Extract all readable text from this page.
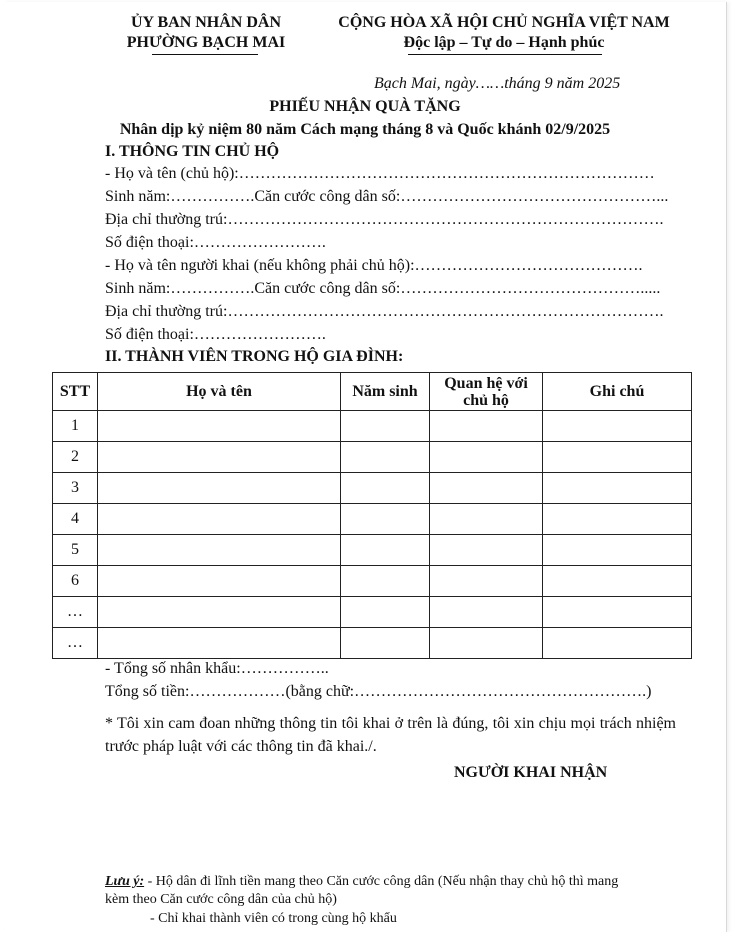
ỦY BAN NHÂN DÂN
PHƯỜNG BẠCH MAI
CỘNG HÒA XÃ HỘI CHỦ NGHĨA VIỆT NAM
Độc lập – Tự do – Hạnh phúc
Bạch Mai, ngày……tháng 9 năm 2025
PHIẾU NHẬN QUÀ TẶNG
Nhân dịp kỷ niệm 80 năm Cách mạng tháng 8 và Quốc khánh 02/9/2025
I. THÔNG TIN CHỦ HỘ
- Họ và tên (chủ hộ):……………………………………………………………………
Sinh năm:…………….Căn cước công dân số:…………………………………………...
Địa chỉ thường trú:……………………………………………………………………….
Số điện thoại:…………………….
- Họ và tên người khai (nếu không phải chủ hộ):…………………………………….
Sinh năm:…………….Căn cước công dân số:……………………………………….....
Địa chỉ thường trú:……………………………………………………………………….
Số điện thoại:…………………….
II. THÀNH VIÊN TRONG HỘ GIA ĐÌNH:
STT	Họ và tên	Năm sinh	Quan hệ với chủ hộ	Ghi chú
1				
2				
3				
4				
5				
6				
…				
…				
- Tổng số nhân khẩu:……………..
Tổng số tiền:………………(bằng chữ:……………………………………………….)
* Tôi xin cam đoan những thông tin tôi khai ở trên là đúng, tôi xin chịu mọi trách nhiệm trước pháp luật với các thông tin đã khai./.
NGƯỜI KHAI NHẬN
Lưu ý: - Hộ dân đi lĩnh tiền mang theo Căn cước công dân (Nếu nhận thay chủ hộ thì mang
kèm theo Căn cước công dân của chủ hộ)
- Chỉ khai thành viên có trong cùng hộ khẩu
